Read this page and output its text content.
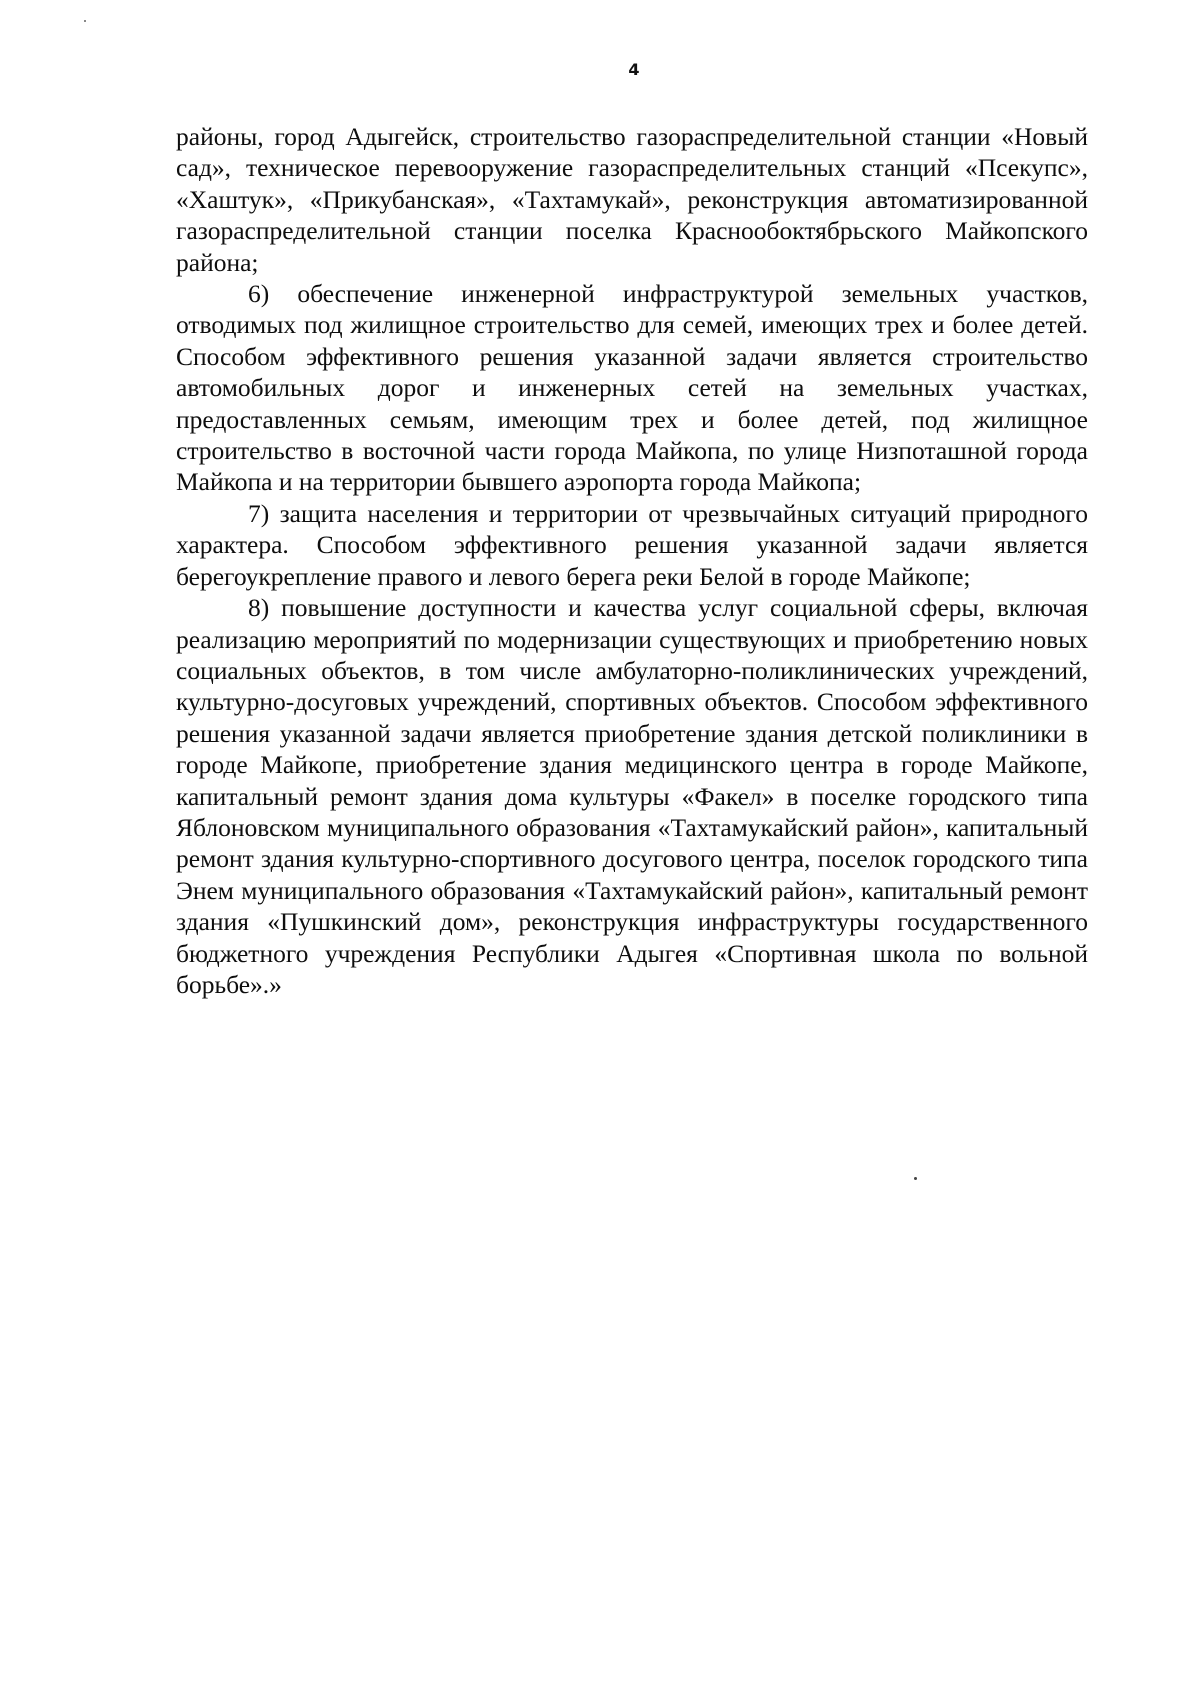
4

районы, город Адыгейск, строительство газораспределительной станции «Новый сад», техническое перевооружение газораспределительных станций «Псекупс», «Хаштук», «Прикубанская», «Тахтамукай», реконструкция автоматизированной газораспределительной станции поселка Краснообоктябрьского Майкопского района;

6) обеспечение инженерной инфраструктурой земельных участков, отводимых под жилищное строительство для семей, имеющих трех и более детей. Способом эффективного решения указанной задачи является строительство автомобильных дорог и инженерных сетей на земельных участках, предоставленных семьям, имеющим трех и более детей, под жилищное строительство в восточной части города Майкопа, по улице Низпоташной города Майкопа и на территории бывшего аэропорта города Майкопа;

7) защита населения и территории от чрезвычайных ситуаций природного характера. Способом эффективного решения указанной задачи является берегоукрепление правого и левого берега реки Белой в городе Майкопе;

8) повышение доступности и качества услуг социальной сферы, включая реализацию мероприятий по модернизации существующих и приобретению новых социальных объектов, в том числе амбулаторно-поликлинических учреждений, культурно-досуговых учреждений, спортивных объектов. Способом эффективного решения указанной задачи является приобретение здания детской поликлиники в городе Майкопе, приобретение здания медицинского центра в городе Майкопе, капитальный ремонт здания дома культуры «Факел» в поселке городского типа Яблоновском муниципального образования «Тахтамукайский район», капитальный ремонт здания культурно-спортивного досугового центра, поселок городского типа Энем муниципального образования «Тахтамукайский район», капитальный ремонт здания «Пушкинский дом», реконструкция инфраструктуры государственного бюджетного учреждения Республики Адыгея «Спортивная школа по вольной борьбе».»
